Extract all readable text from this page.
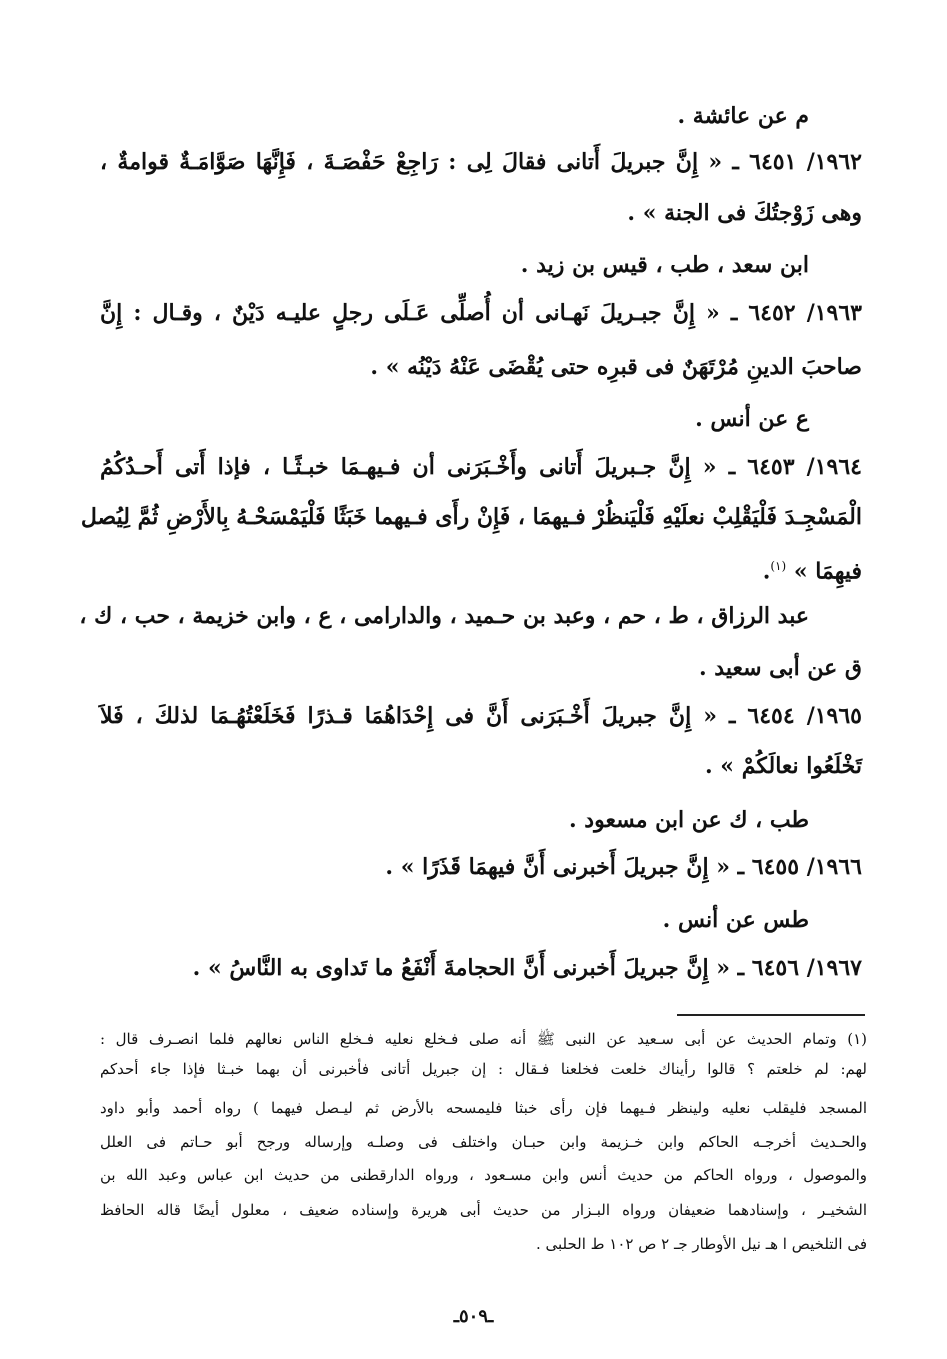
م عن عائشة .
١٩٦٢/ ٦٤٥١ ـ « إِنَّ جبريلَ أَتانى فقالَ لِى : رَاجِعْ حَفْصَـةَ ، فَإِنَّهَا صَوَّامَـةٌ قوامةٌ ،
وهى زَوْجتُكَ فى الجنة » .
ابن سعد ، طب ، قيس بن زيد .
١٩٦٣/ ٦٤٥٢ ـ « إِنَّ جبـريلَ نَهـانى أن أُصلِّى عَـلَى رجلٍ عليـه دَيْنٌ ، وقـال : إِنَّ
صاحبَ الدينِ مُرْتَهَنٌ فى قبرِه حتى يُقْضَى عَنْهُ دَيْنُه » .
ع عن أنس .
١٩٦٤/ ٦٤٥٣ ـ « إِنَّ جـبريلَ أَتانى وأَخْـبَرَنى أن فـيهـمَا خبـثًـا ، فإذا أَتى أَحـدُكُمُ
الْمَسْجِـدَ فَلْيَقْلِبْ نعلَيْهِ فَلْيَنظُرْ فـيهمَا ، فَإِنْ رأَى فـيهما خَبَثًا فَلْيَمْسَحْـهُ بِالأَرْضِ ثُمَّ لِيُصل
فيهِمَا » $^{(١)}$.
عبد الرزاق ، ط ، حم ، وعبد بن حـميد ، والدارامى ، ع ، وابن خزيمة ، حب ، ك ،
ق عن أبى سعيد .
١٩٦٥/ ٦٤٥٤ ـ « إِنَّ جبريلَ أَخْـبَرَنى أَنَّ فى إِحْدَاهُمَا قـذرًا فَخَلَعْتُهُـمَا لذلكَ ، فَلاَ
تَخْلَعُوا نعالَكُمْ » .
طب ، ك عن ابن مسعود .
١٩٦٦/ ٦٤٥٥ ـ « إِنَّ جبريلَ أَخبرنى أَنَّ فيهمَا قَذَرًا » .
طس عن أنس .
١٩٦٧/ ٦٤٥٦ ـ « إِنَّ جبريلَ أَخبرنى أَنَّ الحجامةَ أَنْفَعُ ما تَداوى به النَّاسُ » .
(١) وتمام الحديث عن أبى سـعيد عن النبى ﷺ أنه صلى فـخلع نعليه فـخلع الناس نعالهم فلما انصـرف قال :
لهم: لم خلعتم ؟ قالوا رأيناك خلعت فخلعنا فـقال : إن جبريل أتانى فأخبرنى أن بهما خبـثا فإذا جاء أحدكم
المسجد فليقلب نعليه ولينظر فـيهما فإن رأى خبثا فليمسحه بالأرض ثم ليـصل فيهما ) رواه أحمد وأبو داود
والحـديث أخرجـه الحاكم وابن خـزيمة وابن حبـان واختلف فى وصلـه وإرساله ورجح أبو حـاتم فى العلل
والموصول ، ورواه الحاكم من حديث أنس وابن مسـعود ، ورواه الدارقطنى من حديث ابن عباس وعبد الله بن
الشخيـر ، وإسنادهما ضعيفان ورواه البـزار من حديث أبى هريرة وإسناده ضعيف ، معلول أيضًا قاله الحافظ
فى التلخيص ا هـ نيل الأوطار جـ ٢ ص ١٠٢ ط الحلبى .
ـ٥٠٩ـ
